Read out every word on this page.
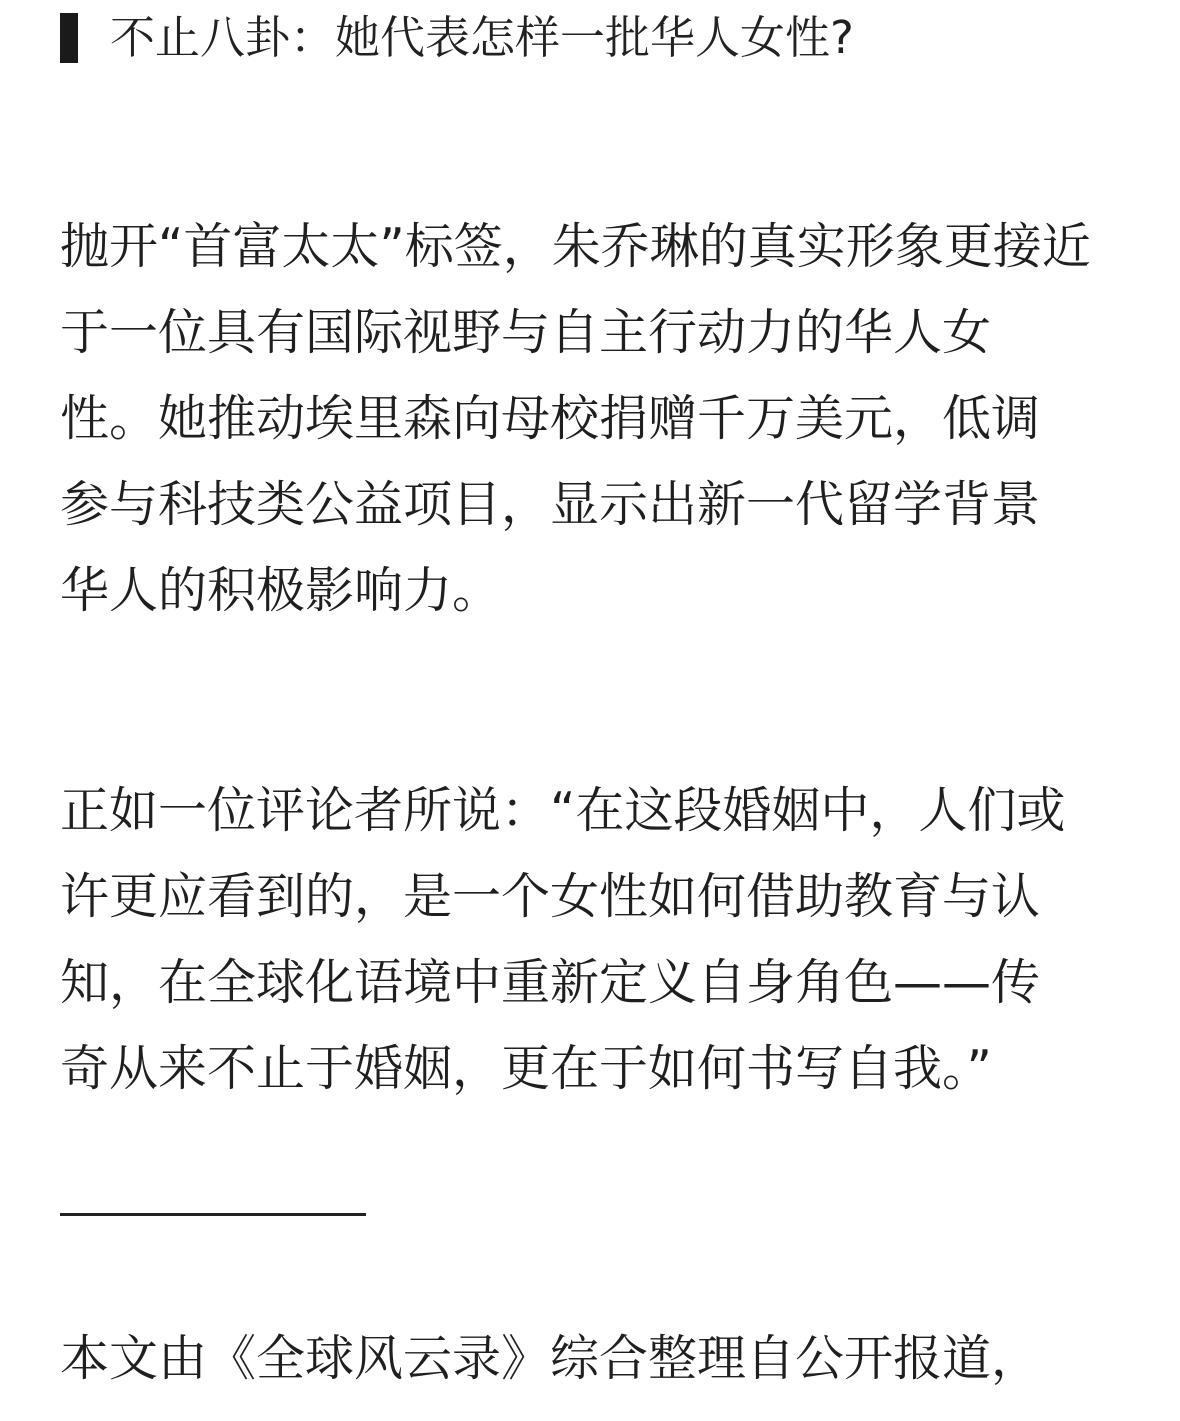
不止八卦：她代表怎样一批华人女性?

抛开“首富太太”标签，朱乔琳的真实形象更接近
于一位具有国际视野与自主行动力的华人女
性。她推动埃里森向母校捐赠千万美元，低调
参与科技类公益项目，显示出新一代留学背景
华人的积极影响力。

正如一位评论者所说：“在这段婚姻中，人们或
许更应看到的，是一个女性如何借助教育与认
知，在全球化语境中重新定义自身角色——传
奇从来不止于婚姻，更在于如何书写自我。”

本文由《全球风云录》综合整理自公开报道，
